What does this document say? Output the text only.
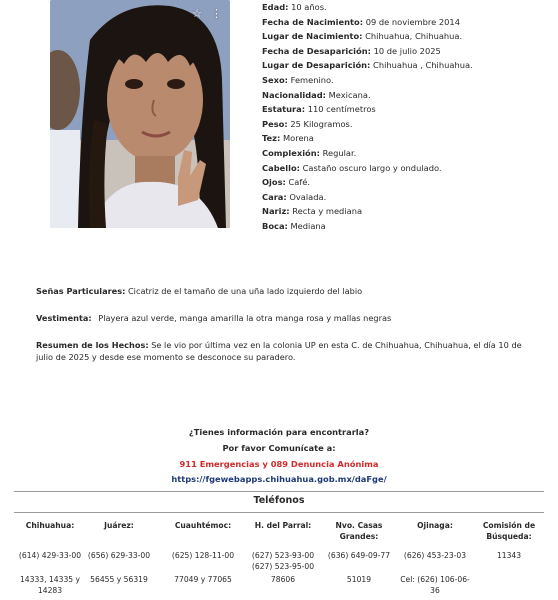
☆ ⋮	Edad: 10 años.
Fecha de Nacimiento: 09 de noviembre 2014
Lugar de Nacimiento: Chihuahua, Chihuahua.
Fecha de Desaparición: 10 de julio 2025
Lugar de Desaparición: Chihuahua , Chihuahua.
Sexo: Femenino.
Nacionalidad: Mexicana.
Estatura: 110 centímetros
Peso: 25 Kilogramos.
Tez: Morena
Complexión: Regular.
Cabello: Castaño oscuro largo y ondulado.
Ojos: Café.
Cara: Ovalada.
Nariz: Recta y mediana
Boca: Mediana
Señas Particulares: Cicatriz de el tamaño de una uña lado izquierdo del labio
Vestimenta: Playera azul verde, manga amarilla la otra manga rosa y mallas negras
Resumen de los Hechos: Se le vio por última vez en la colonia UP en esta C. de Chihuahua, Chihuahua, el día 10 de julio de 2025 y desde ese momento se desconoce su paradero.
¿Tienes información para encontrarla?
Por favor Comunícate a:
911 Emergencias y 089 Denuncia Anónima
https://fgewebapps.chihuahua.gob.mx/daFge/
Teléfonos
Chihuahua:
(614) 429-33-00
14333, 14335 y 14283
Juárez:
(656) 629-33-00
56455 y 56319
Cuauhtémoc:
(625) 128-11-00
77049 y 77065
H. del Parral:
(627) 523-93-00 (627) 523-95-00
78606
Nvo. Casas Grandes:
(636) 649-09-77
51019
Ojinaga:
(626) 453-23-03
Cel: (626) 106-06-36
Comisión de Búsqueda:
11343
